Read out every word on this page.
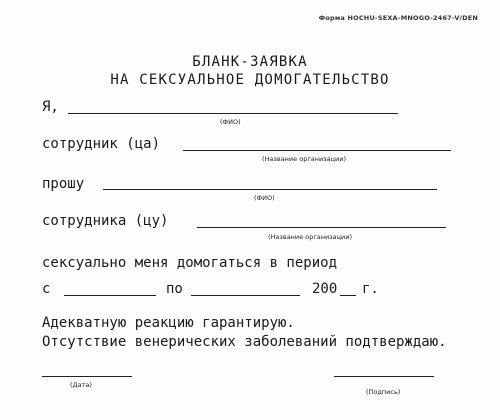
Форма НОСНU-SEXA-MNOGO-2467-V/DEN
БЛАНК-ЗАЯВКА
НА СЕКСУАЛЬНОЕ ДОМОГАТЕЛЬСТВО
Я,
(ФИО)
сотрудник (ца)
(Название организации)
прошу
(ФИО)
сотрудника (цу)
(Название организации)
сексуально меня домогаться в период
с	по	200 г.
Адекватную реакцию гарантирую.
Отсутствие венерических заболеваний подтверждаю.
(Дата)
(Подпись)
